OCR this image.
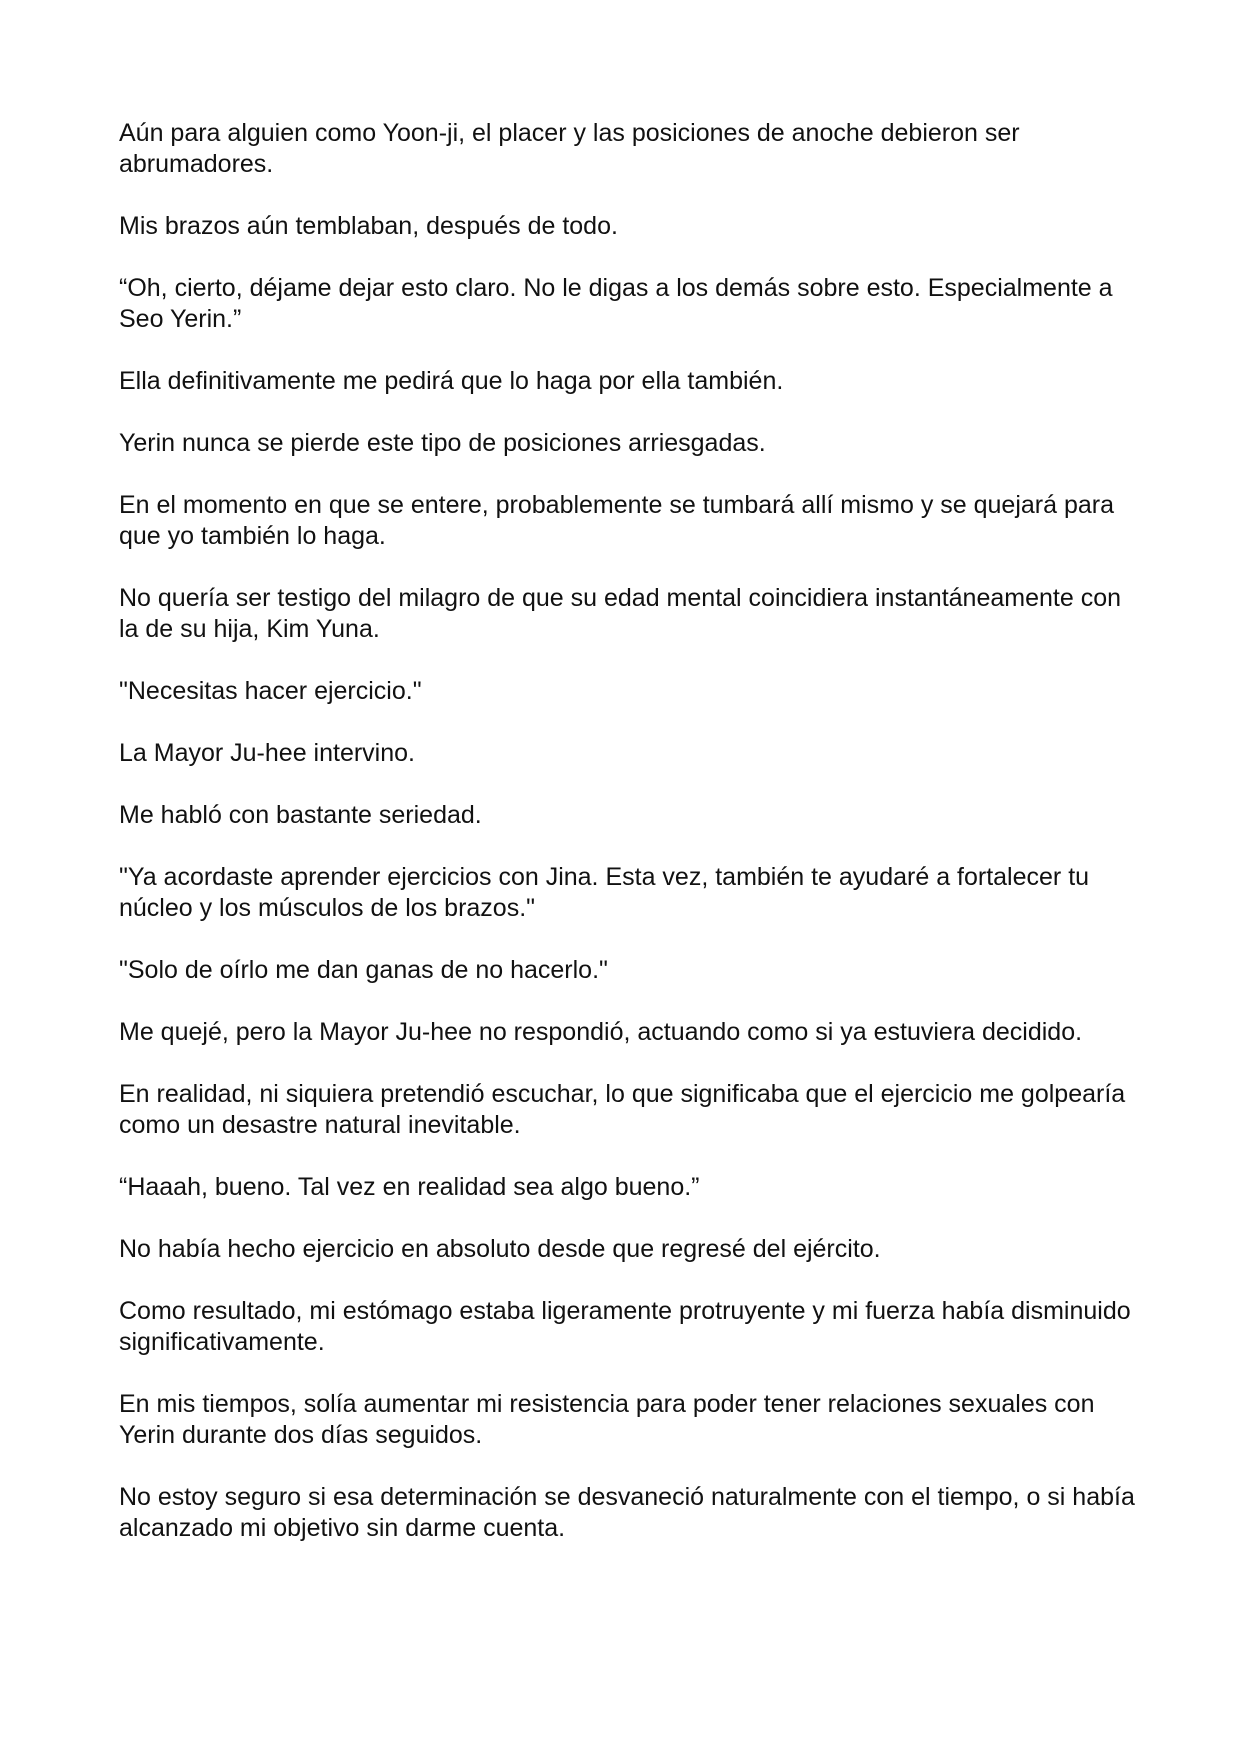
Aún para alguien como Yoon-ji, el placer y las posiciones de anoche debieron ser abrumadores.

Mis brazos aún temblaban, después de todo.

“Oh, cierto, déjame dejar esto claro. No le digas a los demás sobre esto. Especialmente a Seo Yerin.”

Ella definitivamente me pedirá que lo haga por ella también.

Yerin nunca se pierde este tipo de posiciones arriesgadas.

En el momento en que se entere, probablemente se tumbará allí mismo y se quejará para que yo también lo haga.

No quería ser testigo del milagro de que su edad mental coincidiera instantáneamente con la de su hija, Kim Yuna.

"Necesitas hacer ejercicio."

La Mayor Ju-hee intervino.

Me habló con bastante seriedad.

"Ya acordaste aprender ejercicios con Jina. Esta vez, también te ayudaré a fortalecer tu núcleo y los músculos de los brazos."

"Solo de oírlo me dan ganas de no hacerlo."

Me quejé, pero la Mayor Ju-hee no respondió, actuando como si ya estuviera decidido.

En realidad, ni siquiera pretendió escuchar, lo que significaba que el ejercicio me golpearía como un desastre natural inevitable.

“Haaah, bueno. Tal vez en realidad sea algo bueno.”

No había hecho ejercicio en absoluto desde que regresé del ejército.

Como resultado, mi estómago estaba ligeramente protruyente y mi fuerza había disminuido significativamente.

En mis tiempos, solía aumentar mi resistencia para poder tener relaciones sexuales con Yerin durante dos días seguidos.

No estoy seguro si esa determinación se desvaneció naturalmente con el tiempo, o si había alcanzado mi objetivo sin darme cuenta.
